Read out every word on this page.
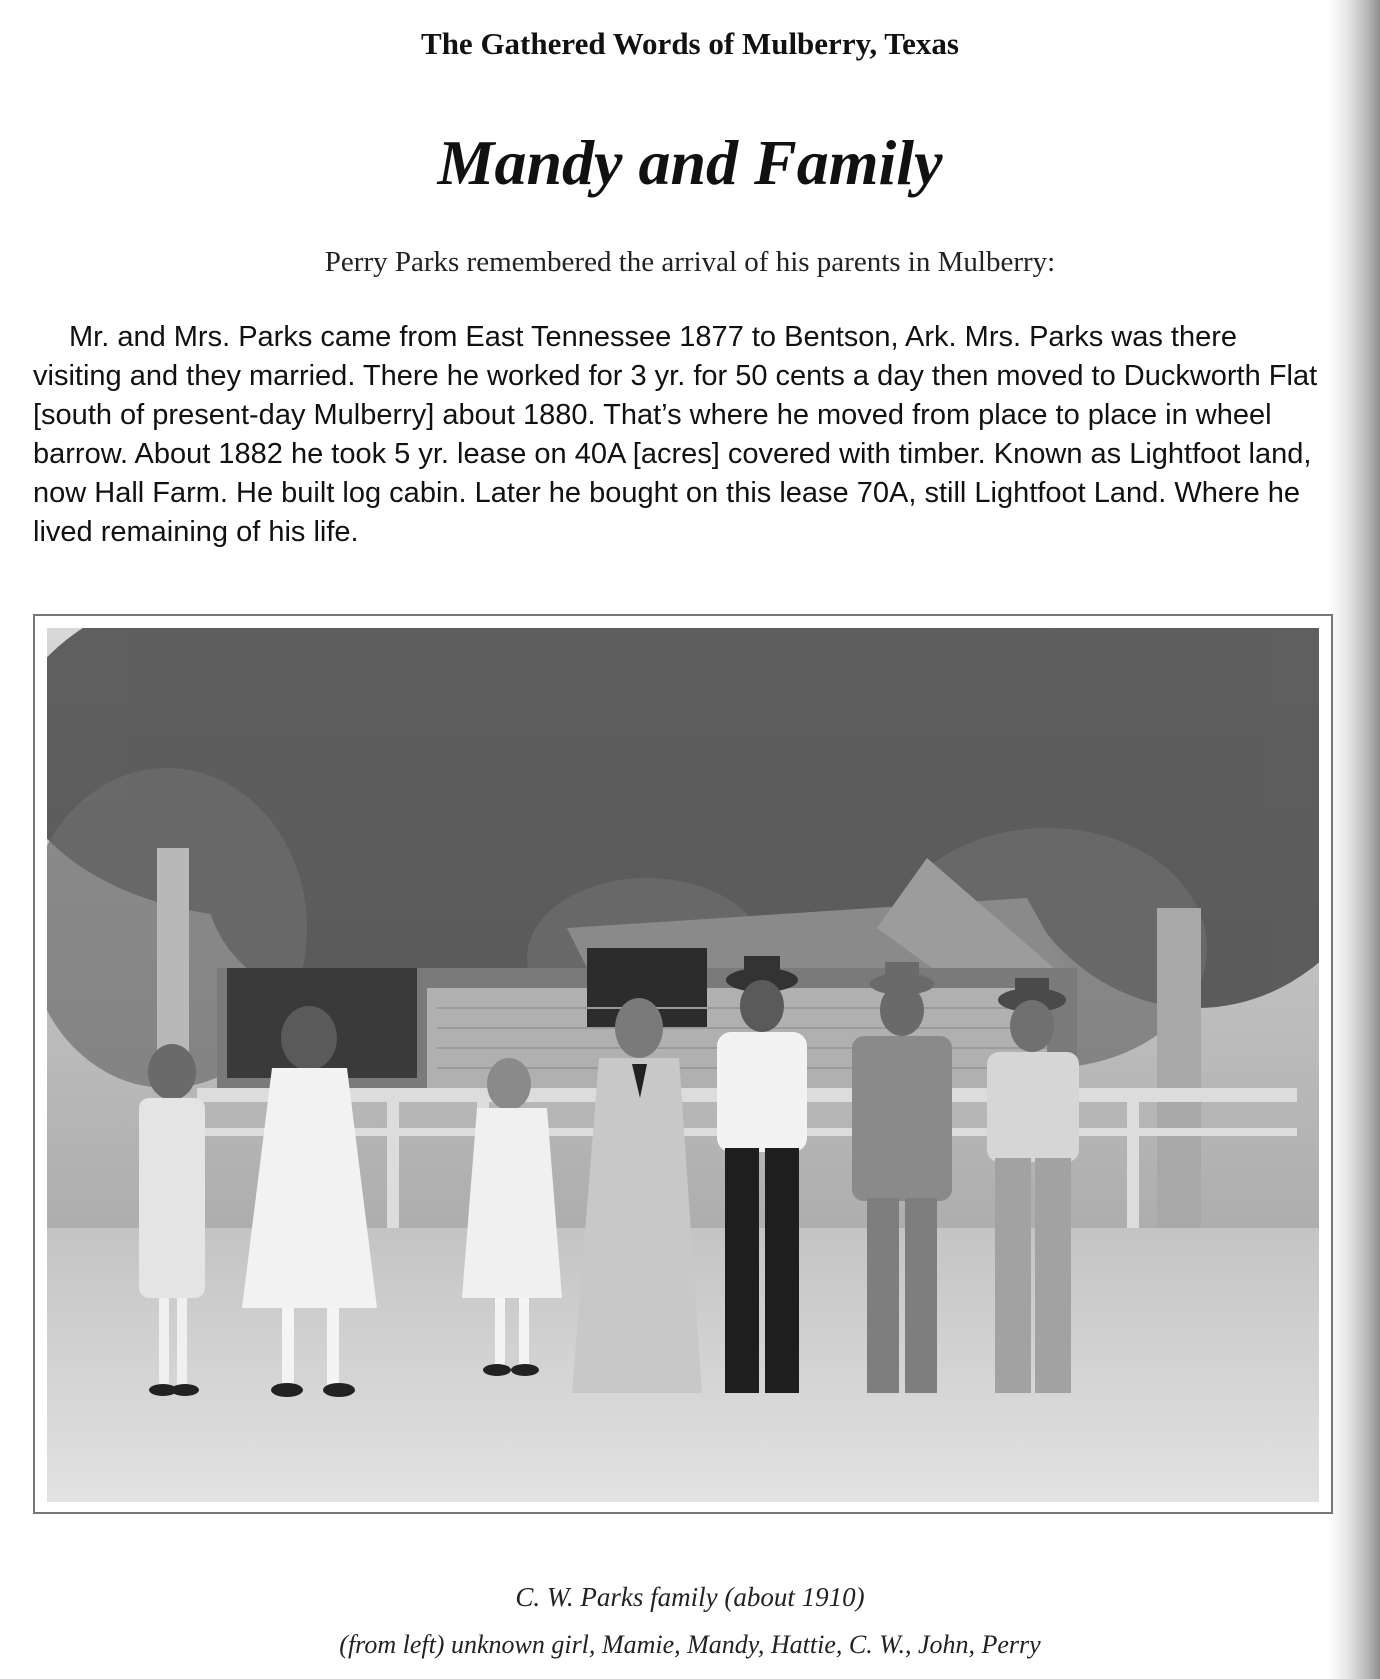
The Gathered Words of Mulberry, Texas
Mandy and Family
Perry Parks remembered the arrival of his parents in Mulberry:

Mr. and Mrs. Parks came from East Tennessee 1877 to Bentson, Ark. Mrs. Parks was there visiting and they married. There he worked for 3 yr. for 50 cents a day then moved to Duckworth Flat [south of present-day Mulberry] about 1880. That’s where he moved from place to place in wheel barrow. About 1882 he took 5 yr. lease on 40A [acres] covered with timber. Known as Lightfoot land, now Hall Farm. He built log cabin. Later he bought on this lease 70A, still Lightfoot Land. Where he lived remaining of his life.

C. W. Parks family (about 1910)
(from left) unknown girl, Mamie, Mandy, Hattie, C. W., John, Perry
